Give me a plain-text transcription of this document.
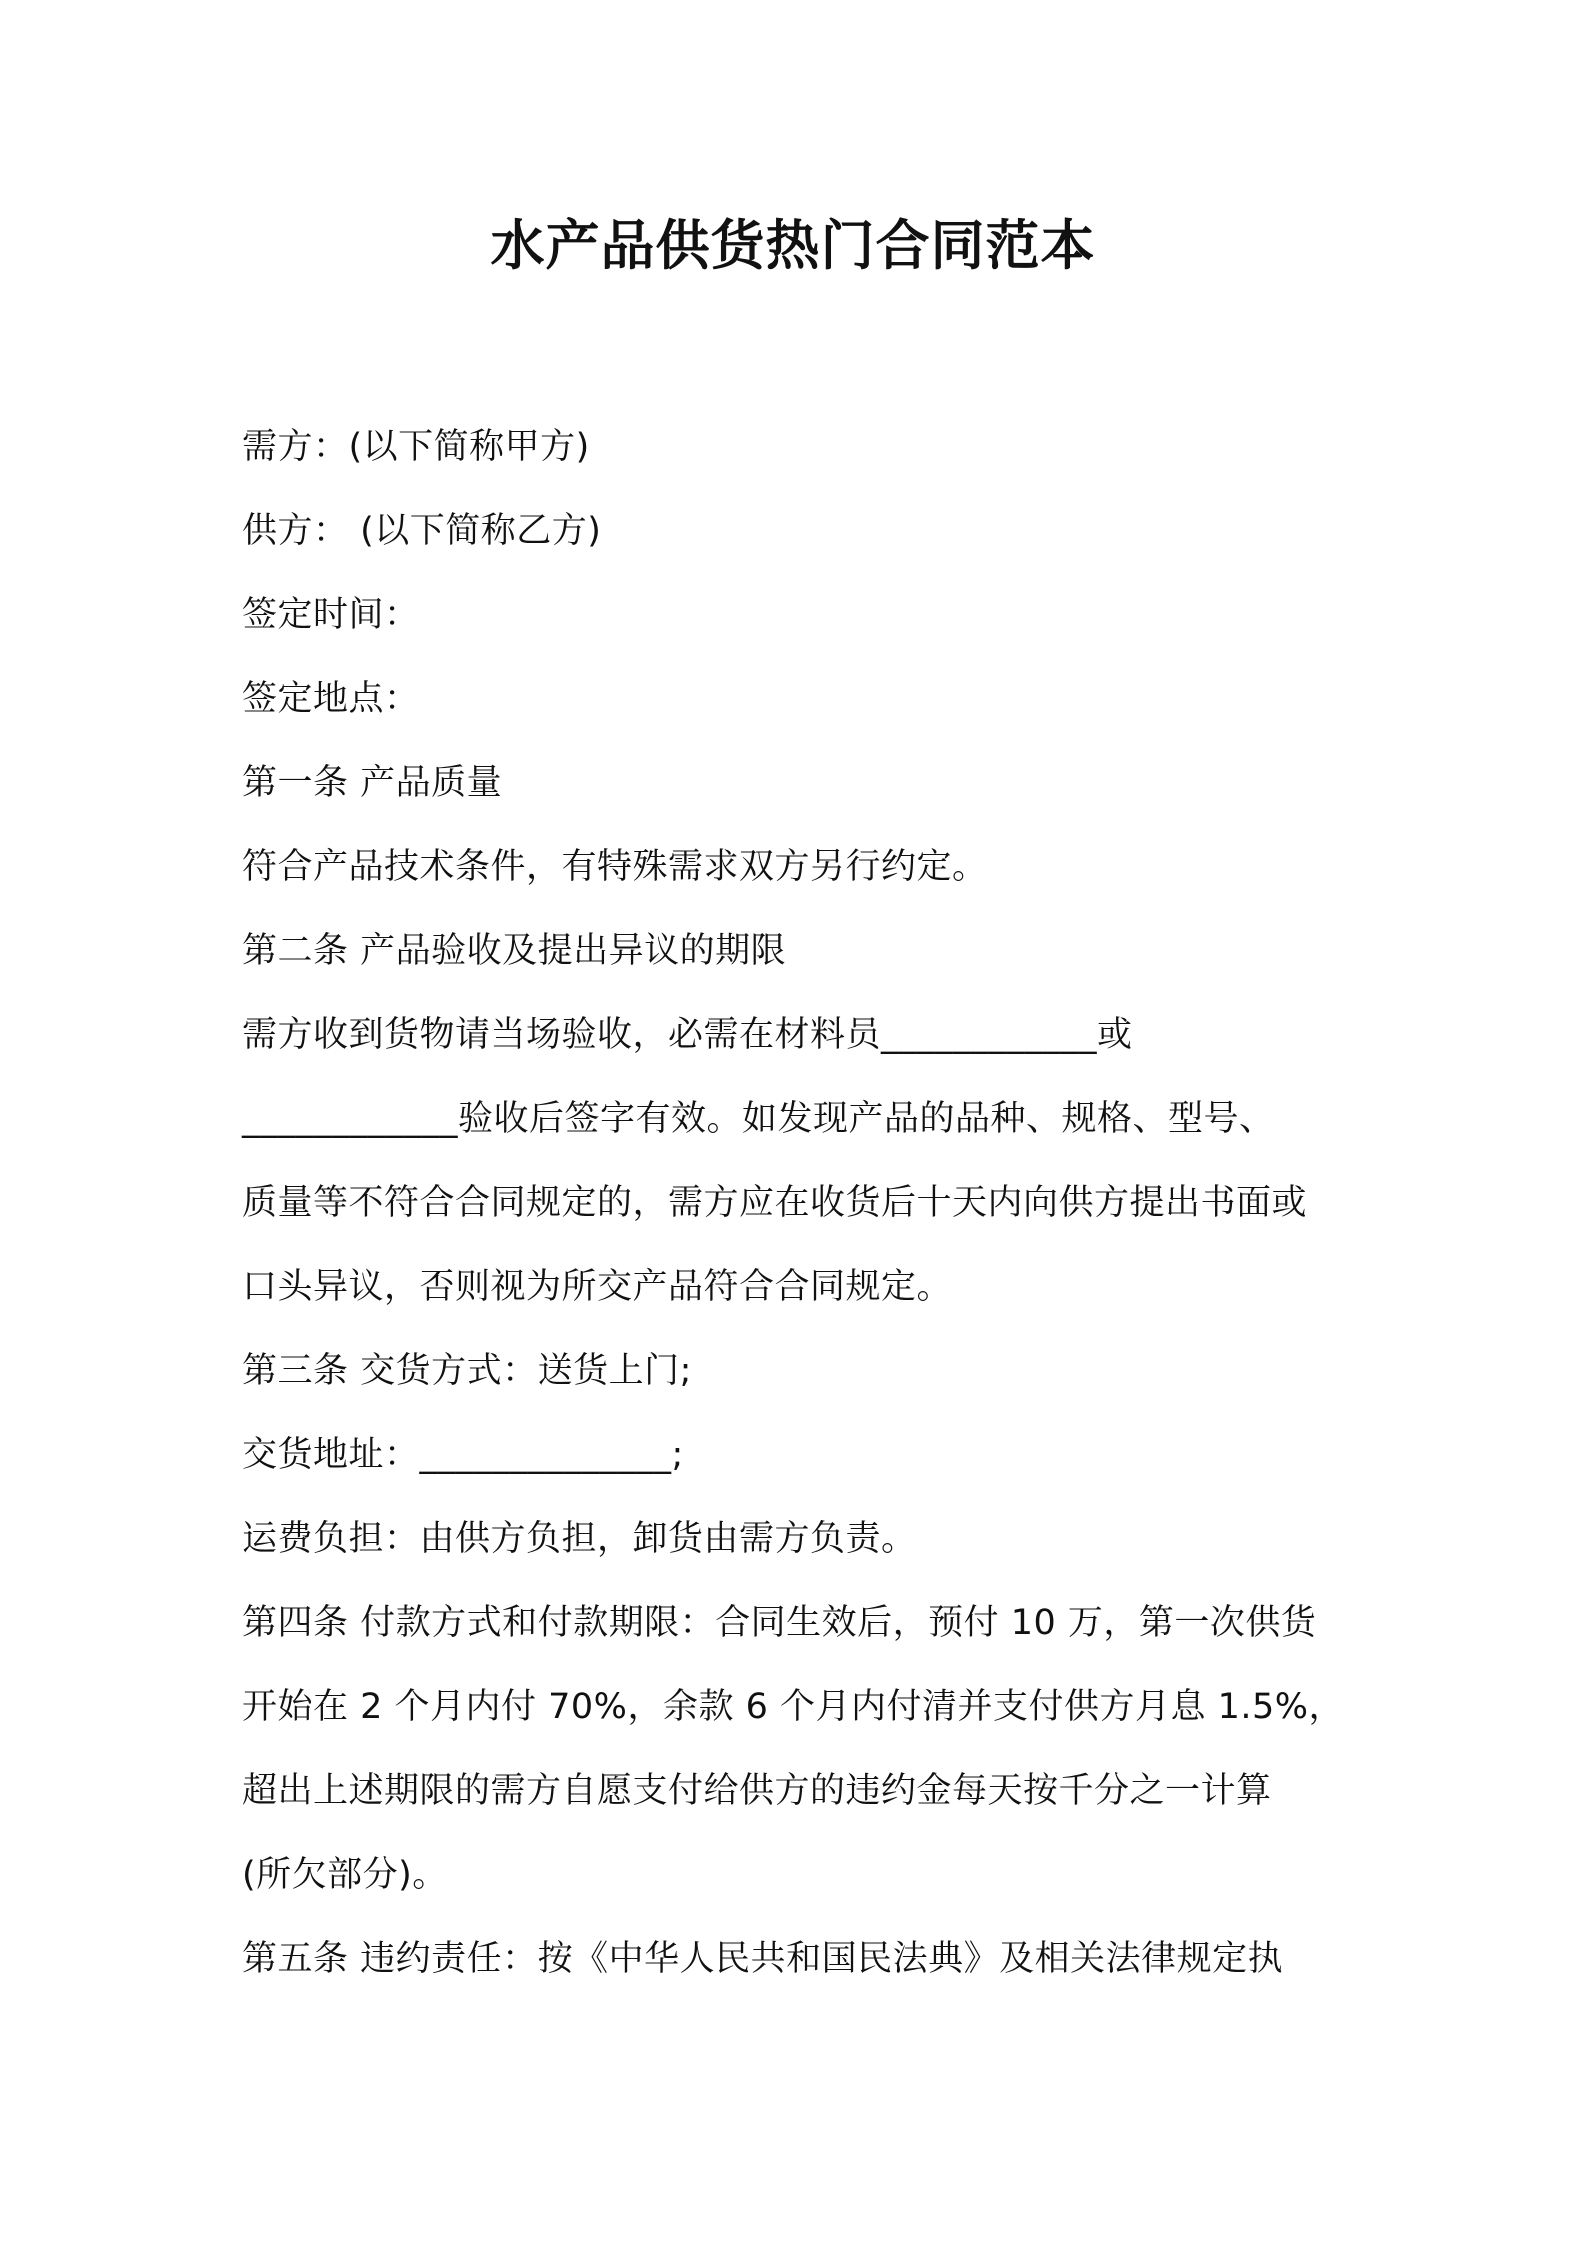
水产品供货热门合同范本
需方：(以下简称甲方)
供方： (以下简称乙方)
签定时间：
签定地点：
第一条 产品质量
符合产品技术条件，有特殊需求双方另行约定。
第二条 产品验收及提出异议的期限
需方收到货物请当场验收，必需在材料员____________或
____________验收后签字有效。如发现产品的品种、规格、型号、
质量等不符合合同规定的，需方应在收货后十天内向供方提出书面或
口头异议，否则视为所交产品符合合同规定。
第三条 交货方式：送货上门;
交货地址：______________;
运费负担：由供方负担，卸货由需方负责。
第四条 付款方式和付款期限：合同生效后，预付 10 万，第一次供货
开始在 2 个月内付 70%，余款 6 个月内付清并支付供方月息 1.5%，
超出上述期限的需方自愿支付给供方的违约金每天按千分之一计算
(所欠部分)。
第五条 违约责任：按《中华人民共和国民法典》及相关法律规定执
